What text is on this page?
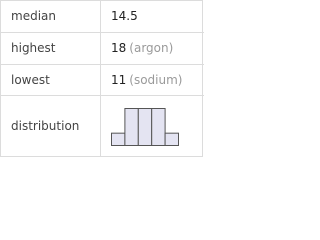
median	14.5
highest	18 (argon)
lowest	11 (sodium)
distribution
